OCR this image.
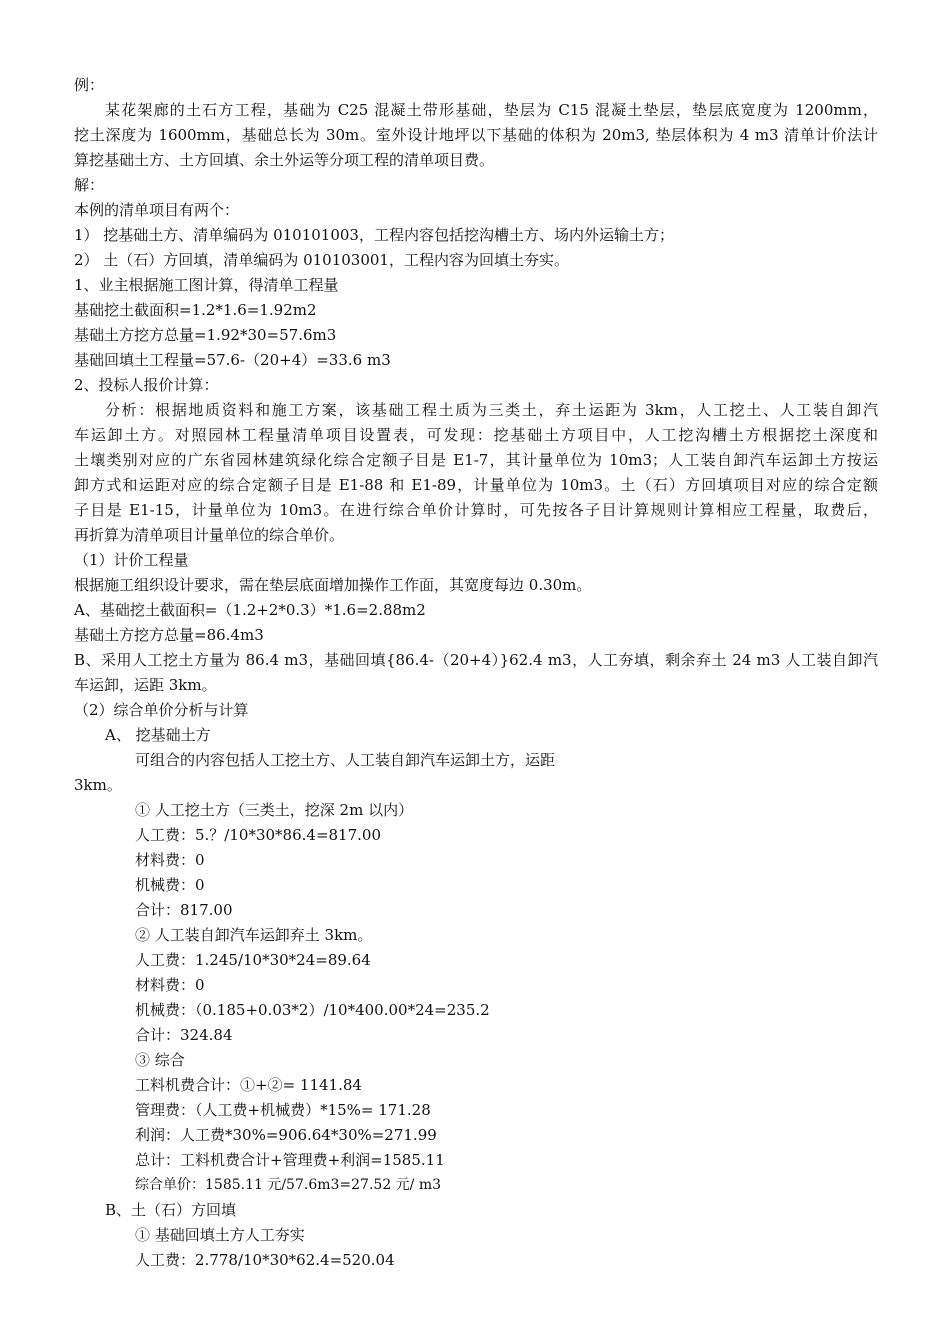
例：
某花架廊的土石方工程，基础为 C25 混凝土带形基础，垫层为 C15 混凝土垫层，垫层底宽度为 1200mm，
挖土深度为 1600mm，基础总长为 30m。室外设计地坪以下基础的体积为 20m3, 垫层体积为 4 m3 清单计价法计
算挖基础土方、土方回填、余土外运等分项工程的清单项目费。
解：
本例的清单项目有两个：
1） 挖基础土方、清单编码为 010101003，工程内容包括挖沟槽土方、场内外运输土方；
2） 土（石）方回填，清单编码为 010103001，工程内容为回填土夯实。
1、业主根据施工图计算，得清单工程量
基础挖土截面积=1.2*1.6=1.92m2
基础土方挖方总量=1.92*30=57.6m3
基础回填土工程量=57.6-（20+4）=33.6 m3
2、投标人报价计算：
分析：根据地质资料和施工方案，该基础工程土质为三类土，弃土运距为 3km，人工挖土、人工装自卸汽
车运卸土方。对照园林工程量清单项目设置表，可发现：挖基础土方项目中，人工挖沟槽土方根据挖土深度和
土壤类别对应的广东省园林建筑绿化综合定额子目是 E1-7，其计量单位为 10m3；人工装自卸汽车运卸土方按运
卸方式和运距对应的综合定额子目是 E1-88 和 E1-89，计量单位为 10m3。土（石）方回填项目对应的综合定额
子目是 E1-15，计量单位为 10m3。在进行综合单价计算时，可先按各子目计算规则计算相应工程量，取费后，
再折算为清单项目计量单位的综合单价。
（1）计价工程量
根据施工组织设计要求，需在垫层底面增加操作工作面，其宽度每边 0.30m。
A、基础挖土截面积=（1.2+2*0.3）*1.6=2.88m2
基础土方挖方总量=86.4m3
B、采用人工挖土方量为 86.4 m3，基础回填{86.4-（20+4）}62.4 m3，人工夯填，剩余弃土 24 m3 人工装自卸汽
车运卸，运距 3km。
（2）综合单价分析与计算
A、 挖基础土方
可组合的内容包括人工挖土方、人工装自卸汽车运卸土方，运距
3km。
① 人工挖土方（三类土，挖深 2m 以内）
人工费：5.？/10*30*86.4=817.00
材料费：0
机械费：0
合计：817.00
② 人工装自卸汽车运卸弃土 3km。
人工费：1.245/10*30*24=89.64
材料费：0
机械费：（0.185+0.03*2）/10*400.00*24=235.2
合计：324.84
③ 综合
工料机费合计：①+②= 1141.84
管理费：（人工费+机械费）*15%= 171.28
利润：人工费*30%=906.64*30%=271.99
总计：工料机费合计+管理费+利润=1585.11
综合单价：1585.11 元/57.6m3=27.52 元/ m3
B、土（石）方回填
① 基础回填土方人工夯实
人工费：2.778/10*30*62.4=520.04
